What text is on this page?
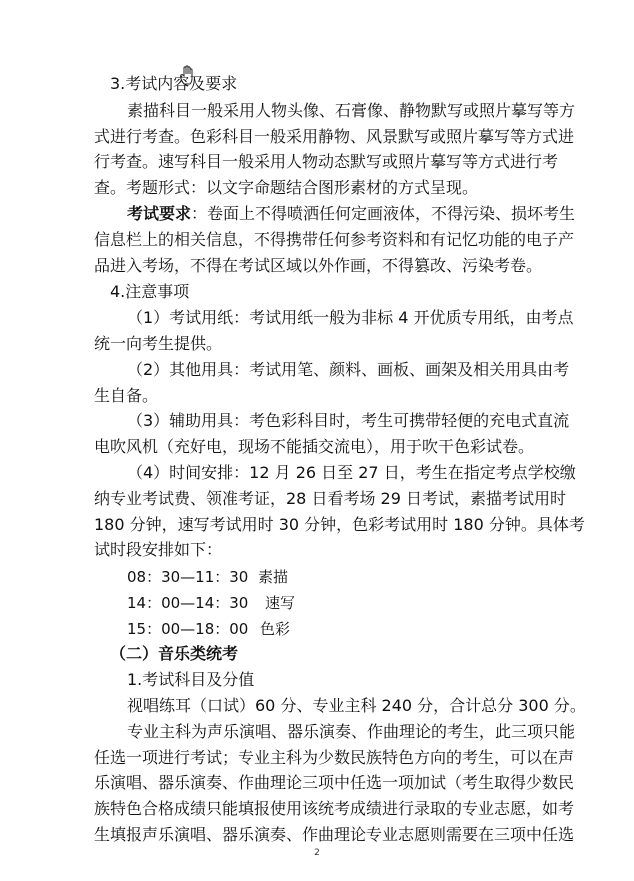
3.考试内容及要求
素描科目一般采用人物头像、石膏像、静物默写或照片摹写等方
式进行考查。色彩科目一般采用静物、风景默写或照片摹写等方式进
行考查。速写科目一般采用人物动态默写或照片摹写等方式进行考
查。考题形式：以文字命题结合图形素材的方式呈现。
考试要求：卷面上不得喷洒任何定画液体，不得污染、损坏考生
信息栏上的相关信息，不得携带任何参考资料和有记忆功能的电子产
品进入考场，不得在考试区域以外作画，不得篡改、污染考卷。
4.注意事项
（1）考试用纸：考试用纸一般为非标 4 开优质专用纸，由考点
统一向考生提供。
（2）其他用具：考试用笔、颜料、画板、画架及相关用具由考
生自备。
（3）辅助用具：考色彩科目时，考生可携带轻便的充电式直流
电吹风机（充好电，现场不能插交流电），用于吹干色彩试卷。
（4）时间安排：12 月 26 日至 27 日，考生在指定考点学校缴
纳专业考试费、领准考证，28 日看考场 29 日考试，素描考试用时
180 分钟，速写考试用时 30 分钟，色彩考试用时 180 分钟。具体考
试时段安排如下：
08：30—11：30 素描
14：00—14：30 速写
15：00—18：00 色彩
（二）音乐类统考
1.考试科目及分值
视唱练耳（口试）60 分、专业主科 240 分，合计总分 300 分。
专业主科为声乐演唱、器乐演奏、作曲理论的考生，此三项只能
任选一项进行考试；专业主科为少数民族特色方向的考生，可以在声
乐演唱、器乐演奏、作曲理论三项中任选一项加试（考生取得少数民
族特色合格成绩只能填报使用该统考成绩进行录取的专业志愿，如考
生填报声乐演唱、器乐演奏、作曲理论专业志愿则需要在三项中任选
2
